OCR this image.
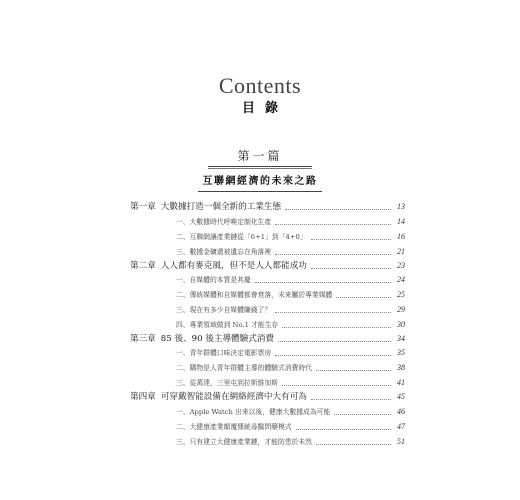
Contents
目錄
第一篇
互聯網經濟的未來之路
第一章 大數據打造一個全新的工業生態	13
一、大數據時代呼喚定制化生產	14
二、互聯網讓產業鏈從「6+1」到「4+0」	16
三、數據金礦還被遺忘在角落裡	21
第二章 人人都有麥克風，但不是人人都能成功	23
一、自媒體的本質是其慶	24
二、傳統媒體和自媒體都會衰落，未來屬於專業媒體	25
三、現在有多少自媒體賺錢了？	29
四、專業領域做到 No.1 才能生存	30
第三章 85 後、90 後主導體驗式消費	34
一、青年群體口味決定電影票房	35
二、購物是人青年群體主導的體驗式消費時代	38
三、從萬達，三里屯到拉斯維加斯	41
第四章 可穿戴智能設備在網絡經濟中大有可為	45
一、Apple Watch 出來以後，健康大數據成為可能	46
二、大健康產業顛覆傳統尋醫問藥模式	47
三、只有建立大健康產業鏈，才能防患於未然	51
